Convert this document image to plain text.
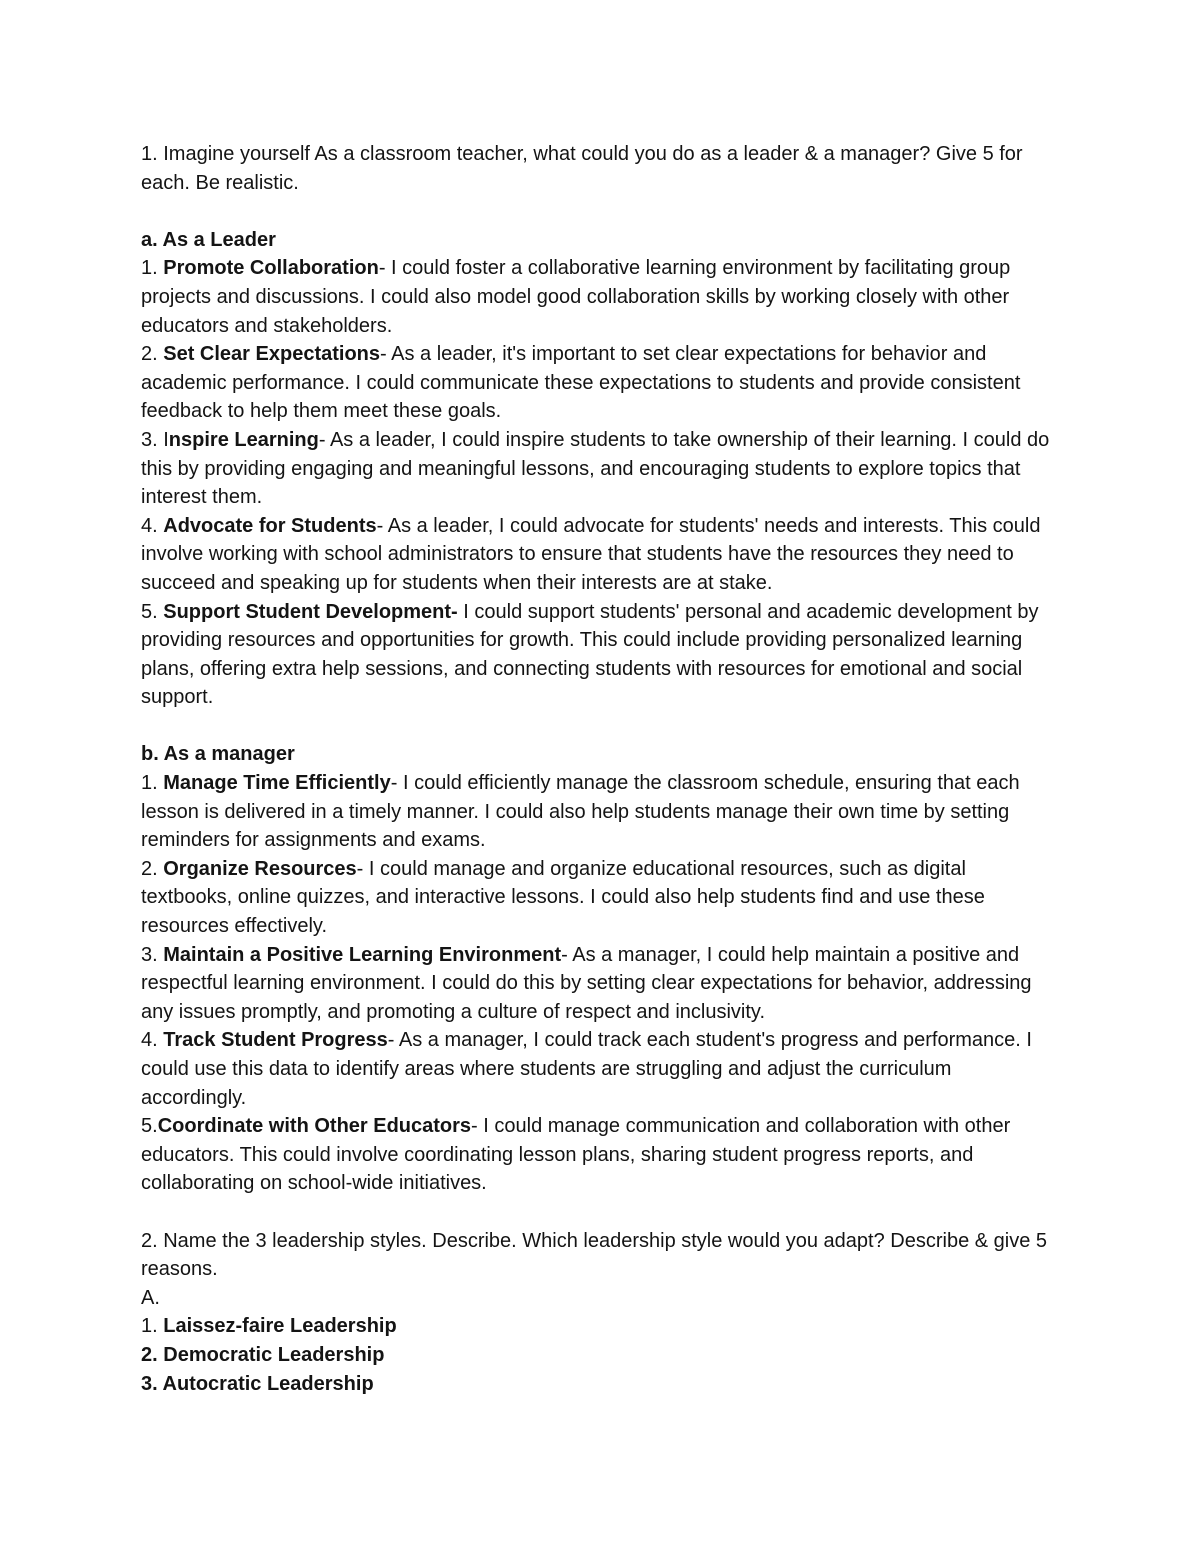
1. Imagine yourself As a classroom teacher, what could you do as a leader & a manager? Give 5 for each. Be realistic.

a. As a Leader

1. Promote Collaboration- I could foster a collaborative learning environment by facilitating group projects and discussions. I could also model good collaboration skills by working closely with other educators and stakeholders.

2. Set Clear Expectations- As a leader, it's important to set clear expectations for behavior and academic performance. I could communicate these expectations to students and provide consistent feedback to help them meet these goals.

3. Inspire Learning- As a leader, I could inspire students to take ownership of their learning. I could do this by providing engaging and meaningful lessons, and encouraging students to explore topics that interest them.

4. Advocate for Students- As a leader, I could advocate for students' needs and interests. This could involve working with school administrators to ensure that students have the resources they need to succeed and speaking up for students when their interests are at stake.

5. Support Student Development- I could support students' personal and academic development by providing resources and opportunities for growth. This could include providing personalized learning plans, offering extra help sessions, and connecting students with resources for emotional and social support.

b. As a manager

1. Manage Time Efficiently- I could efficiently manage the classroom schedule, ensuring that each lesson is delivered in a timely manner. I could also help students manage their own time by setting reminders for assignments and exams.

2. Organize Resources- I could manage and organize educational resources, such as digital textbooks, online quizzes, and interactive lessons. I could also help students find and use these resources effectively.

3. Maintain a Positive Learning Environment- As a manager, I could help maintain a positive and respectful learning environment. I could do this by setting clear expectations for behavior, addressing any issues promptly, and promoting a culture of respect and inclusivity.

4. Track Student Progress- As a manager, I could track each student's progress and performance. I could use this data to identify areas where students are struggling and adjust the curriculum accordingly.

5.Coordinate with Other Educators- I could manage communication and collaboration with other educators. This could involve coordinating lesson plans, sharing student progress reports, and collaborating on school-wide initiatives.

2. Name the 3 leadership styles. Describe. Which leadership style would you adapt? Describe & give 5 reasons.

A.

1. Laissez-faire Leadership

2. Democratic Leadership

3. Autocratic Leadership
